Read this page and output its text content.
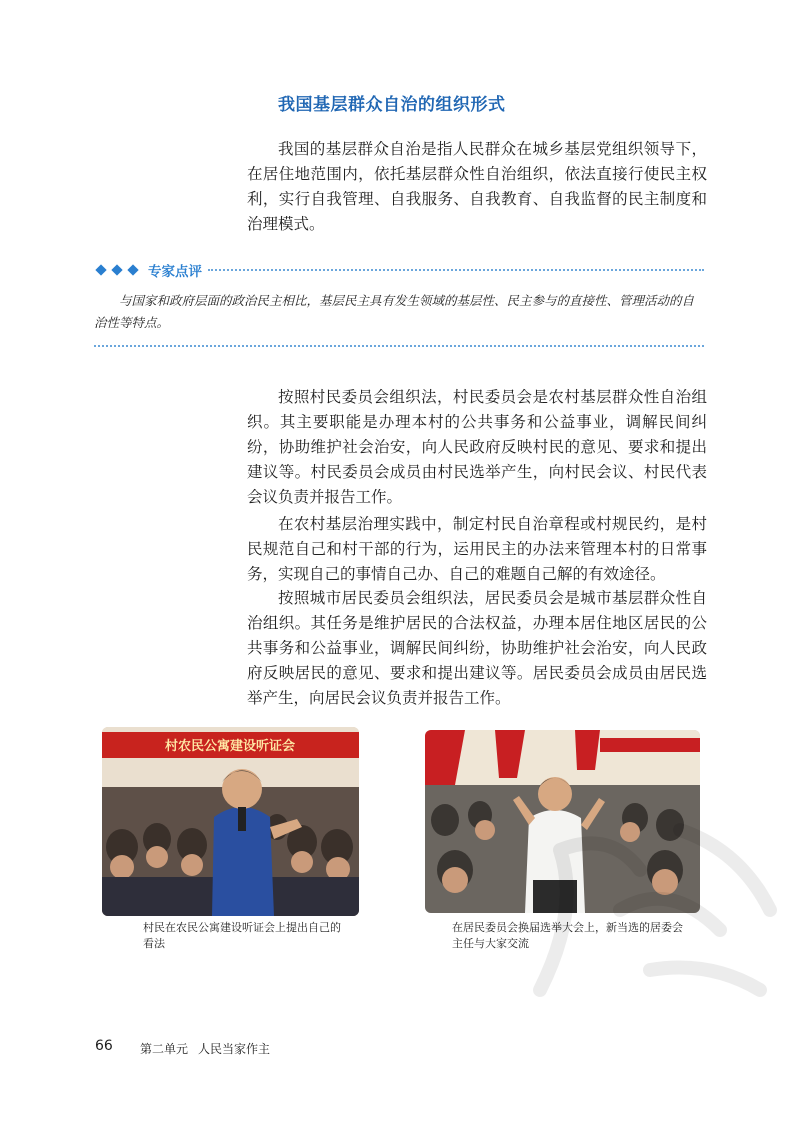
我国基层群众自治的组织形式

我国的基层群众自治是指人民群众在城乡基层党组织领导下，在居住地范围内，依托基层群众性自治组织，依法直接行使民主权利，实行自我管理、自我服务、自我教育、自我监督的民主制度和治理模式。

专家点评

与国家和政府层面的政治民主相比，基层民主具有发生领域的基层性、民主参与的直接性、管理活动的自治性等特点。

按照村民委员会组织法，村民委员会是农村基层群众性自治组织。其主要职能是办理本村的公共事务和公益事业，调解民间纠纷，协助维护社会治安，向人民政府反映村民的意见、要求和提出建议等。村民委员会成员由村民选举产生，向村民会议、村民代表会议负责并报告工作。

在农村基层治理实践中，制定村民自治章程或村规民约，是村民规范自己和村干部的行为，运用民主的办法来管理本村的日常事务，实现自己的事情自己办、自己的难题自己解的有效途径。

按照城市居民委员会组织法，居民委员会是城市基层群众性自治组织。其任务是维护居民的合法权益，办理本居住地区居民的公共事务和公益事业，调解民间纠纷，协助维护社会治安，向人民政府反映居民的意见、要求和提出建议等。居民委员会成员由居民选举产生，向居民会议负责并报告工作。

村农民公寓建设听证会

村民在农民公寓建设听证会上提出自己的看法

在居民委员会换届选举大会上，新当选的居委会主任与大家交流

66 第二单元 人民当家作主
